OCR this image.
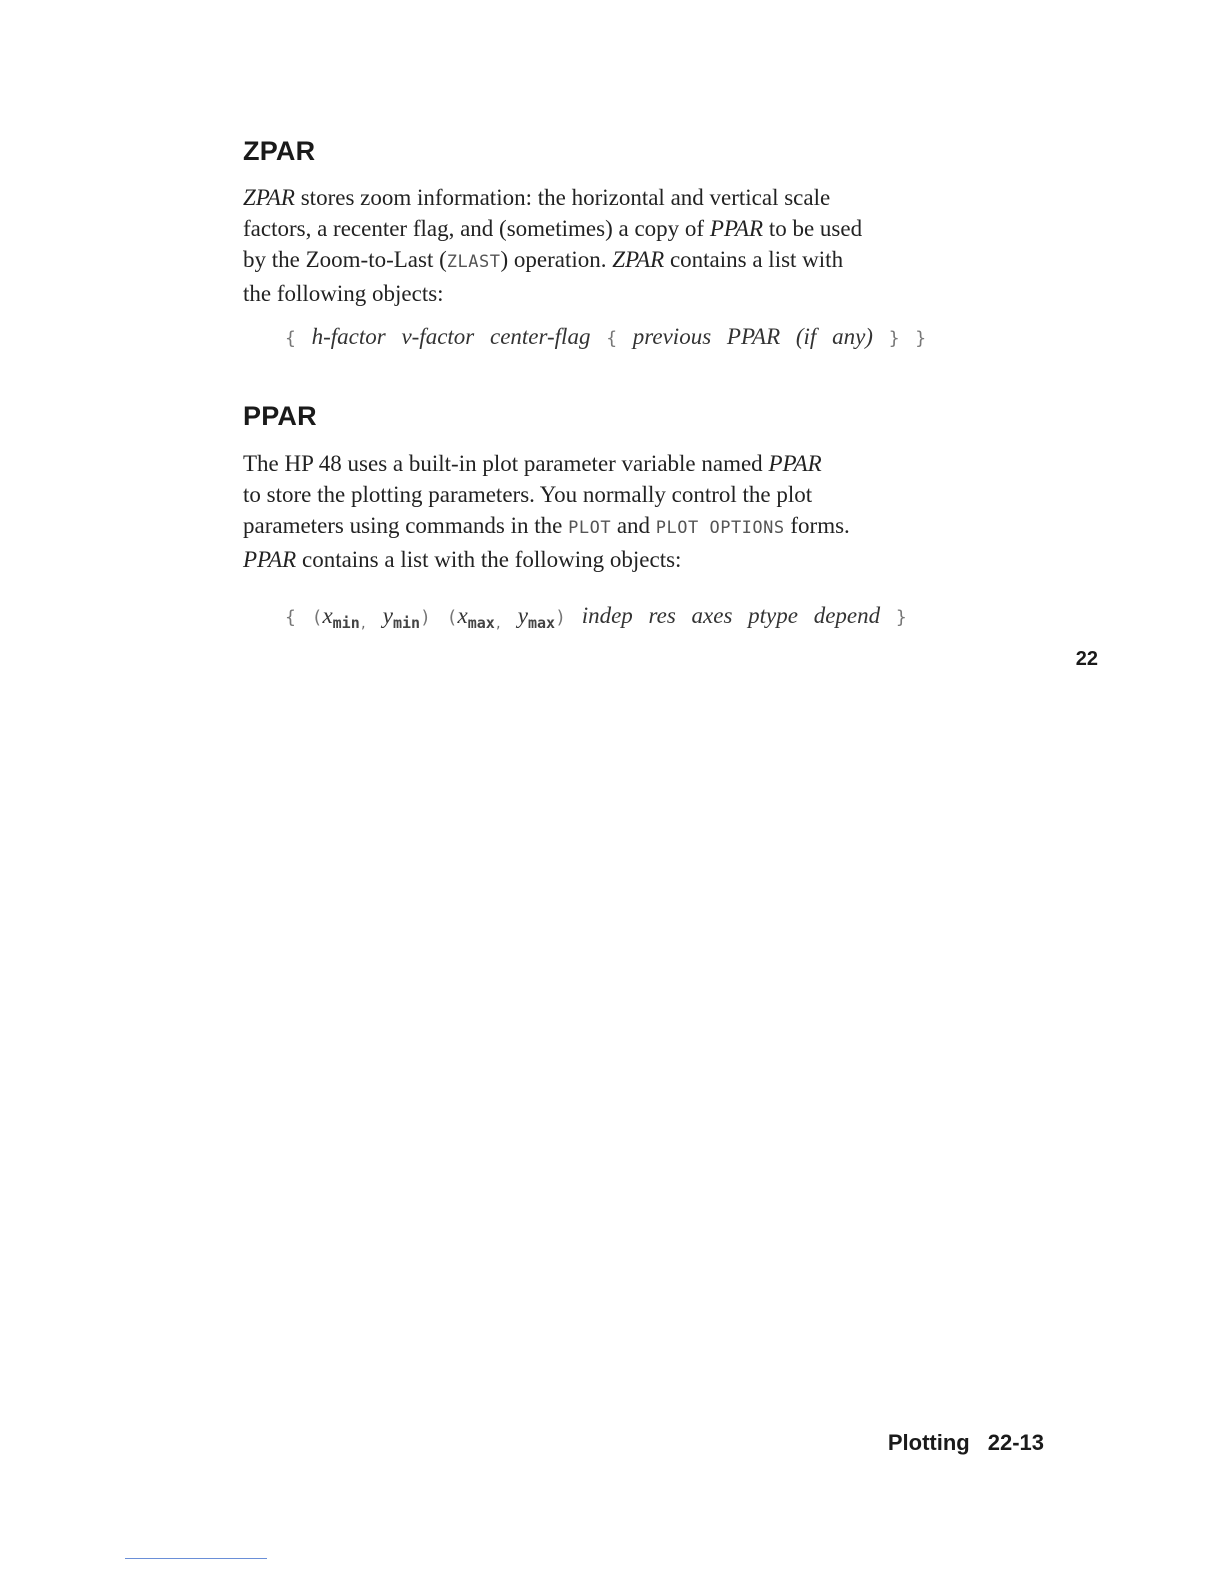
ZPAR

ZPAR stores zoom information: the horizontal and vertical scale
factors, a recenter flag, and (sometimes) a copy of PPAR to be used
by the Zoom-to-Last (ZLAST) operation. ZPAR contains a list with
the following objects:

{ h-factor v-factor center-flag { previous PPAR (if any) } }

PPAR

The HP 48 uses a built-in plot parameter variable named PPAR
to store the plotting parameters. You normally control the plot
parameters using commands in the PLOT and PLOT OPTIONS forms.
PPAR contains a list with the following objects:

{ ($x_{min,}$ $y_{min}$) ($x_{max,}$ $y_{max}$) indep res axes ptype depend }

22

Plotting 22-13
